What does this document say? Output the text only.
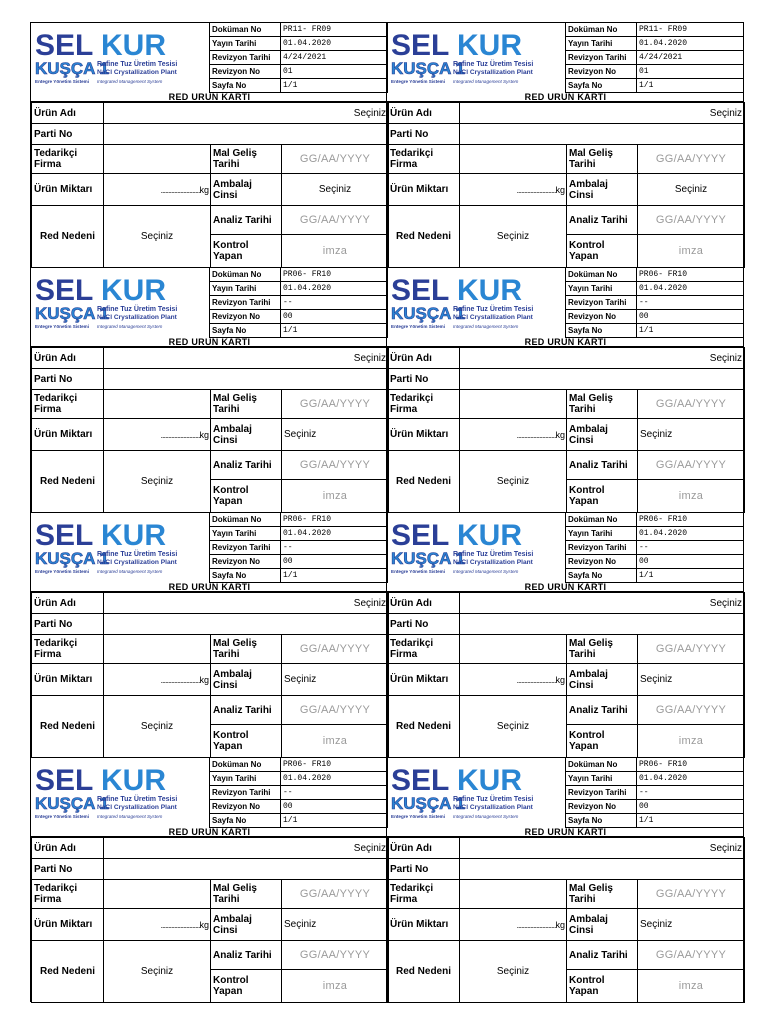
SEL KUR
KUŞÇA 1
Rafine Tuz Üretim Tesisi
NaCl Crystallization Plant
Entegre Yönetim Sistemi Integrated Management System
Doküman No	PR11- FR09
Yayın Tarihi	01.04.2020
Revizyon Tarihi	4/24/2021
Revizyon No	01
Sayfa No	1/1
RED URUN KARTI
Ürün Adı	Seçiniz		
Parti No			
Tedarikçi Firma		Mal Geliş Tarihi	GG/AA/YYYY
Ürün Miktarı	..........................kg	Ambalaj Cinsi	Seçiniz
Red Nedeni	Seçiniz	Analiz Tarihi	GG/AA/YYYY
		Kontrol Yapan	imza
SEL KUR
KUŞÇA 1
Rafine Tuz Üretim Tesisi
NaCl Crystallization Plant
Entegre Yönetim Sistemi Integrated Management System
Doküman No	PR11- FR09
Yayın Tarihi	01.04.2020
Revizyon Tarihi	4/24/2021
Revizyon No	01
Sayfa No	1/1
RED URUN KARTI
Ürün Adı	Seçiniz		
Parti No			
Tedarikçi Firma		Mal Geliş Tarihi	GG/AA/YYYY
Ürün Miktarı	..........................kg	Ambalaj Cinsi	Seçiniz
Red Nedeni	Seçiniz	Analiz Tarihi	GG/AA/YYYY
		Kontrol Yapan	imza
SEL KUR
KUŞÇA 1
Rafine Tuz Üretim Tesisi
NaCl Crystallization Plant
Entegre Yönetim Sistemi Integrated Management System
Doküman No	PR06- FR10
Yayın Tarihi	01.04.2020
Revizyon Tarihi	--
Revizyon No	00
Sayfa No	1/1
RED URUN KARTI
Ürün Adı	Seçiniz		
Parti No			
Tedarikçi Firma		Mal Geliş Tarihi	GG/AA/YYYY
Ürün Miktarı	..........................kg	Ambalaj Cinsi	Seçiniz
Red Nedeni	Seçiniz	Analiz Tarihi	GG/AA/YYYY
		Kontrol Yapan	imza
SEL KUR
KUŞÇA 1
Rafine Tuz Üretim Tesisi
NaCl Crystallization Plant
Entegre Yönetim Sistemi Integrated Management System
Doküman No	PR06- FR10
Yayın Tarihi	01.04.2020
Revizyon Tarihi	--
Revizyon No	00
Sayfa No	1/1
RED URUN KARTI
Ürün Adı	Seçiniz		
Parti No			
Tedarikçi Firma		Mal Geliş Tarihi	GG/AA/YYYY
Ürün Miktarı	..........................kg	Ambalaj Cinsi	Seçiniz
Red Nedeni	Seçiniz	Analiz Tarihi	GG/AA/YYYY
		Kontrol Yapan	imza
SEL KUR
KUŞÇA 1
Rafine Tuz Üretim Tesisi
NaCl Crystallization Plant
Entegre Yönetim Sistemi Integrated Management System
Doküman No	PR06- FR10
Yayın Tarihi	01.04.2020
Revizyon Tarihi	--
Revizyon No	00
Sayfa No	1/1
RED URUN KARTI
Ürün Adı	Seçiniz		
Parti No			
Tedarikçi Firma		Mal Geliş Tarihi	GG/AA/YYYY
Ürün Miktarı	..........................kg	Ambalaj Cinsi	Seçiniz
Red Nedeni	Seçiniz	Analiz Tarihi	GG/AA/YYYY
		Kontrol Yapan	imza
SEL KUR
KUŞÇA 1
Rafine Tuz Üretim Tesisi
NaCl Crystallization Plant
Entegre Yönetim Sistemi Integrated Management System
Doküman No	PR06- FR10
Yayın Tarihi	01.04.2020
Revizyon Tarihi	--
Revizyon No	00
Sayfa No	1/1
RED URUN KARTI
Ürün Adı	Seçiniz		
Parti No			
Tedarikçi Firma		Mal Geliş Tarihi	GG/AA/YYYY
Ürün Miktarı	..........................kg	Ambalaj Cinsi	Seçiniz
Red Nedeni	Seçiniz	Analiz Tarihi	GG/AA/YYYY
		Kontrol Yapan	imza
SEL KUR
KUŞÇA 1
Rafine Tuz Üretim Tesisi
NaCl Crystallization Plant
Entegre Yönetim Sistemi Integrated Management System
Doküman No	PR06- FR10
Yayın Tarihi	01.04.2020
Revizyon Tarihi	--
Revizyon No	00
Sayfa No	1/1
RED URUN KARTI
Ürün Adı	Seçiniz		
Parti No			
Tedarikçi Firma		Mal Geliş Tarihi	GG/AA/YYYY
Ürün Miktarı	..........................kg	Ambalaj Cinsi	Seçiniz
Red Nedeni	Seçiniz	Analiz Tarihi	GG/AA/YYYY
		Kontrol Yapan	imza
SEL KUR
KUŞÇA 1
Rafine Tuz Üretim Tesisi
NaCl Crystallization Plant
Entegre Yönetim Sistemi Integrated Management System
Doküman No	PR06- FR10
Yayın Tarihi	01.04.2020
Revizyon Tarihi	--
Revizyon No	00
Sayfa No	1/1
RED URUN KARTI
Ürün Adı	Seçiniz		
Parti No			
Tedarikçi Firma		Mal Geliş Tarihi	GG/AA/YYYY
Ürün Miktarı	..........................kg	Ambalaj Cinsi	Seçiniz
Red Nedeni	Seçiniz	Analiz Tarihi	GG/AA/YYYY
		Kontrol Yapan	imza
